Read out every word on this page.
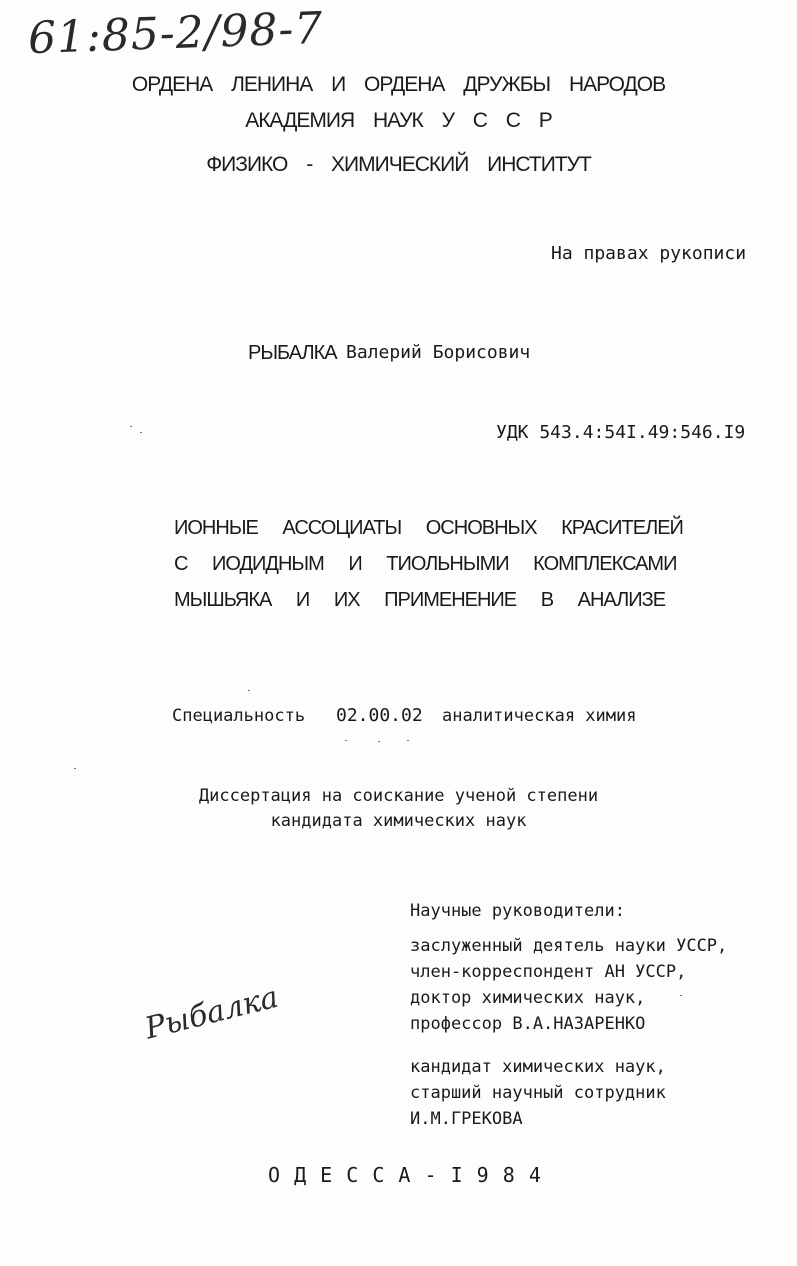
61:85-2/98-7
ОРДЕНА ЛЕНИНА И ОРДЕНА ДРУЖБЫ НАРОДОВ
АКАДЕМИЯ НАУК У С С Р
ФИЗИКО - ХИМИЧЕСКИЙ ИНСТИТУТ
На правах рукописи
РЫБАЛКА Валерий Борисович
УДК 543.4:54I.49:546.I9
ИОННЫЕ АССОЦИАТЫ ОСНОВНЫХ КРАСИТЕЛЕЙ
С ИОДИДНЫМ И ТИОЛЬНЫМИ КОМПЛЕКСАМИ
МЫШЬЯКА И ИХ ПРИМЕНЕНИЕ В АНАЛИЗЕ
Специальность 02.00.02 аналитическая химия
Диссертация на соискание ученой степени
кандидата химических наук
Научные руководители:
заслуженный деятель науки УССР,
член-корреспондент АН УССР,
доктор химических наук,
профессор В.А.НАЗАРЕНКО
кандидат химических наук,
старший научный сотрудник
И.М.ГРЕКОВА
Рыбалка
О Д Е С С А - I 9 8 4
